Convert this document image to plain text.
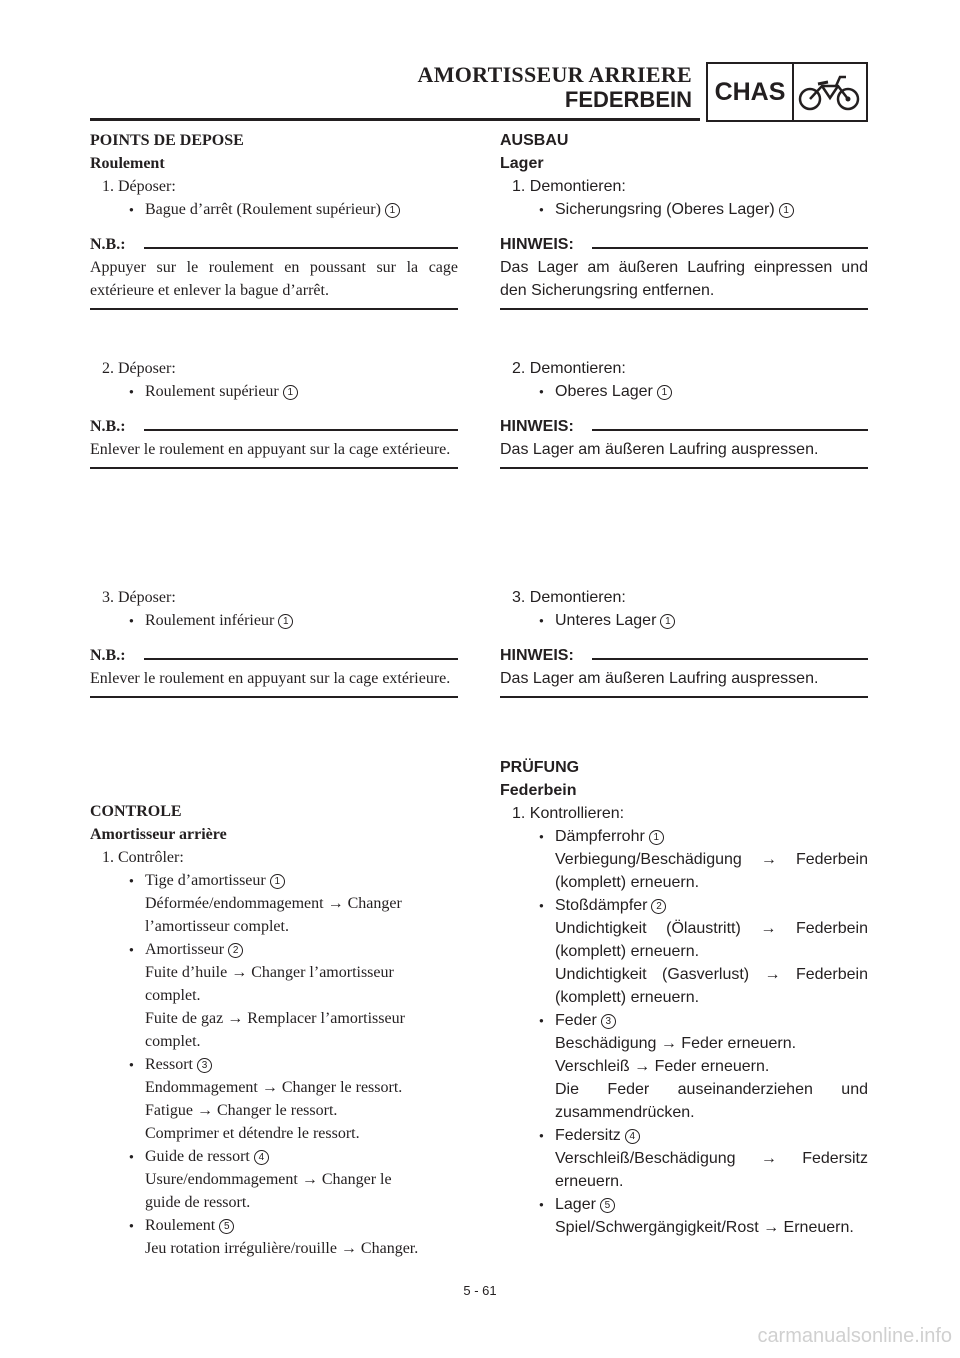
AMORTISSEUR ARRIERE
FEDERBEIN CHAS
POINTS DE DEPOSE
Roulement
1. Déposer:
● Bague d’arrêt (Roulement supérieur) 1
N.B.:
Appuyer sur le roulement en poussant sur la cage extérieure et enlever la bague d’arrêt.
2. Déposer:
● Roulement supérieur 1
N.B.:
Enlever le roulement en appuyant sur la cage extérieure.
3. Déposer:
● Roulement inférieur 1
N.B.:
Enlever le roulement en appuyant sur la cage extérieure.
CONTROLE
Amortisseur arrière
1. Contrôler:
● Tige d’amortisseur 1
Déformée/endommagement → Changer
l’amortisseur complet.
● Amortisseur 2
Fuite d’huile → Changer l’amortisseur
complet.
Fuite de gaz → Remplacer l’amortisseur
complet.
● Ressort 3
Endommagement → Changer le ressort.
Fatigue → Changer le ressort.
Comprimer et détendre le ressort.
● Guide de ressort 4
Usure/endommagement → Changer le
guide de ressort.
● Roulement 5
Jeu rotation irrégulière/rouille → Changer.
AUSBAU
Lager
1. Demontieren:
● Sicherungsring (Oberes Lager) 1
HINWEIS:
Das Lager am äußeren Laufring einpressen und den Sicherungsring entfernen.
2. Demontieren:
● Oberes Lager 1
HINWEIS:
Das Lager am äußeren Laufring auspressen.
3. Demontieren:
● Unteres Lager 1
HINWEIS:
Das Lager am äußeren Laufring auspressen.
PRÜFUNG
Federbein
1. Kontrollieren:
● Dämpferrohr 1
Verbiegung/Beschädigung → Federbein (komplett) erneuern.
● Stoßdämpfer 2
Undichtigkeit (Ölaustritt) → Federbein (komplett) erneuern.
Undichtigkeit (Gasverlust) → Federbein (komplett) erneuern.
● Feder 3
Beschädigung → Feder erneuern.
Verschleiß → Feder erneuern.
Die Feder auseinanderziehen und zusammendrücken.
● Federsitz 4
Verschleiß/Beschädigung → Federsitz erneuern.
● Lager 5
Spiel/Schwergängigkeit/Rost → Erneuern.
5 - 61
carmanualsonline.info
